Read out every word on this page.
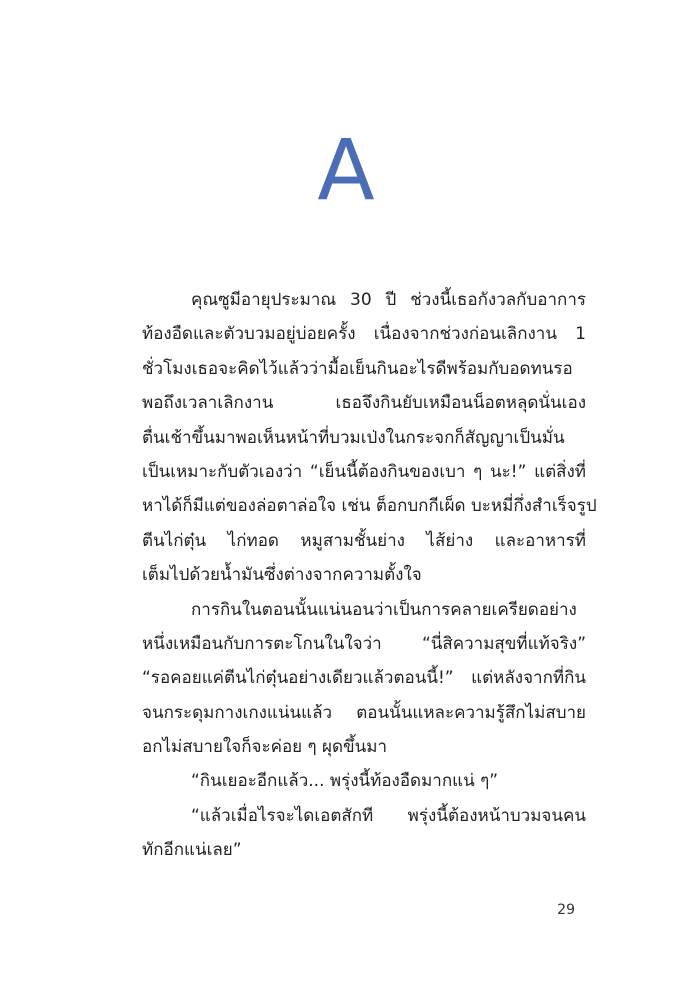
A
คุณซูมีอายุประมาณ 30 ปี ช่วงนี้เธอกังวลกับอาการ
ท้องอืดและตัวบวมอยู่บ่อยครั้ง เนื่องจากช่วงก่อนเลิกงาน 1
ชั่วโมงเธอจะคิดไว้แล้วว่ามื้อเย็นกินอะไรดีพร้อมกับอดทนรอ
พอถึงเวลาเลิกงาน เธอจึงกินยับเหมือนน็อตหลุดนั่นเอง
ตื่นเช้าขึ้นมาพอเห็นหน้าที่บวมเป่งในกระจกก็สัญญาเป็นมั่น
เป็นเหมาะกับตัวเองว่า “เย็นนี้ต้องกินของเบา ๆ นะ!” แต่สิ่งที่
หาได้ก็มีแต่ของล่อตาล่อใจ เช่น ต็อกบกกีเผ็ด บะหมี่กึ่งสำเร็จรูป
ตีนไก่ตุ๋น ไก่ทอด หมูสามชั้นย่าง ไส้ย่าง และอาหารที่
เต็มไปด้วยน้ำมันซึ่งต่างจากความตั้งใจ
การกินในตอนนั้นแน่นอนว่าเป็นการคลายเครียดอย่าง
หนึ่งเหมือนกับการตะโกนในใจว่า “นี่สิความสุขที่แท้จริง”
“รอคอยแค่ตีนไก่ตุ๋นอย่างเดียวแล้วตอนนี้!” แต่หลังจากที่กิน
จนกระดุมกางเกงแน่นแล้ว ตอนนั้นแหละความรู้สึกไม่สบาย
อกไม่สบายใจก็จะค่อย ๆ ผุดขึ้นมา
“กินเยอะอีกแล้ว... พรุ่งนี้ท้องอืดมากแน่ ๆ”
“แล้วเมื่อไรจะไดเอตสักที พรุ่งนี้ต้องหน้าบวมจนคน
ทักอีกแน่เลย”
29
